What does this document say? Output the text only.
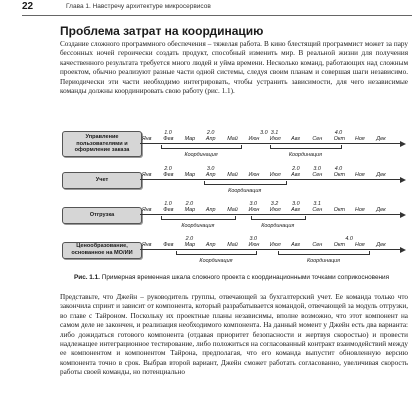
22	Глава 1. Навстречу архитектуре микросервисов
Проблема затрат на координацию
Создание сложного программного обеспечения – тяжелая работа. В кино блестящий программист может за пару бессонных ночей героически создать продукт, способный изменить мир. В реальной жизни для получения качественного результата требуется много людей и уйма времени. Несколько команд, работающих над сложным проектом, обычно реализуют разные части одной системы, следуя своим планам и совершая шаги независимо. Периодически эти части необходимо интегрировать, чтобы устранить зависимости, для чего независимые команды должны координировать свою работу (рис. 1.1).
Управление пользователями и оформление заказа
1.0	2.0	3.0 3.1	4.0
Янв Фев Мар Апр Май Июн Июл Авг Сен Окт Ноя Дек
Координация	Координация
Учет
2.0	3.0	2.0	3.0	4.0
Янв Фев Мар Апр Май Июн Июл Авг Сен Окт Ноя Дек
Координация
Отгрузка
1.0	2.0	3.0	3.2	3.0	3.1
Янв Фев Мар Апр Май Июн Июл Авг Сен Окт Ноя Дек
Координация	Координация
Ценообразование, основанное на МО/ИИ
2.0	3.0	4.0
Янв Фев Мар Апр Май Июн Июл Авг Сен Окт Ноя Дек
Координация	Координация
Рис. 1.1. Примерная временная шкала сложного проекта с координационными точками соприкосновения
Представьте, что Джейн – руководитель группы, отвечающей за бухгалтерский учет. Ее команда только что закончила спринт и зависит от компонента, который разрабатывается командой, отвечающей за модуль отгрузки, во главе с Тайроном. Поскольку их проектные планы независимы, вполне возможно, что этот компонент на самом деле не закончен, и реализация необходимого компонента. На данный момент у Джейн есть два варианта: либо дожидаться готового компонента (отдавая приоритет безопасности и жертвуя скоростью) и провести надлежащее интеграционное тестирование, либо положиться на согласованный контракт взаимодействий между ее компонентом и компонентом Тайрона, предполагая, что его команда выпустит обновленную версию компонента точно в срок. Выбрав второй вариант, Джейн сможет работать согласованно, увеличивая скорость работы своей команды, но потенциально
